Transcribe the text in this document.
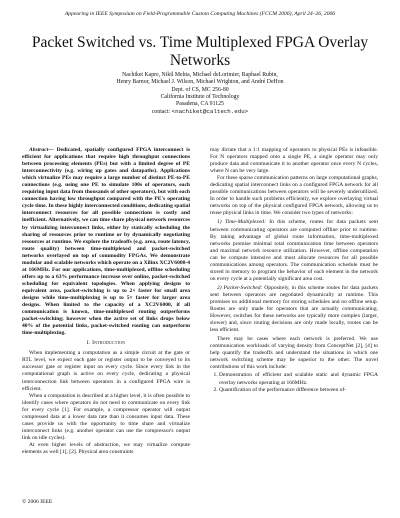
Appearing in IEEE Symposium on Field-Programmable Custom Computing Machines (FCCM 2006), April 24–26, 2006
Packet Switched vs. Time Multiplexed FPGA Overlay Networks
Nachiket Kapre, Nikil Mehta, Michael deLorimier, Raphael Rubin,
Henry Barnor, Michael J. Wilson, Michael Wrighton, and André DeHon
Dept. of CS, MC 256-80
California Institute of Technology
Pasadena, CA 91125
contact: <nachiket@caltech.edu>

Abstract— Dedicated, spatially configured FPGA interconnect is efficient for applications that require high throughput connections between processing elements (PEs) but with a limited degree of PE interconnectivity (e.g. wiring up gates and datapaths). Applications which virtualize PEs may require a large number of distinct PE-to-PE connections (e.g. using one PE to simulate 100s of operators, each requiring input data from thousands of other operators), but with each connection having low throughput compared with the PE's operating cycle time. In these highly interconnected conditions, dedicating spatial interconnect resources for all possible connections is costly and inefficient. Alternatively, we can time share physical network resources by virtualizing interconnect links, either by statically scheduling the sharing of resources prior to runtime or by dynamically negotiating resources at runtime. We explore the tradeoffs (e.g. area, route latency, route quality) between time-multiplexed and packet-switched networks overlayed on top of commodity FPGAs. We demonstrate modular and scalable networks which operate on a Xilinx XC2V6000-4 at 166MHz. For our applications, time-multiplexed, offline scheduling offers up to a 63% performance increase over online, packet-switched scheduling for equivalent topologies. When applying designs to equivalent area, packet-switching is up to 2× faster for small area designs while time-multiplexing is up to 5× faster for larger area designs. When limited to the capacity of a XC2V6000, if all communication is known, time-multiplexed routing outperforms packet-switching; however when the active set of links drops below 40% of the potential links, packet-switched routing can outperform time-multiplexing.

I. Introduction

When implementing a computation as a simple circuit at the gate or RTL level, we expect each gate or register output to be conveyed to its successor gate or register input on every cycle. Since every link in the computational graph is active on every cycle, dedicating a physical interconnection link between operators in a configured FPGA wire is efficient.

When a computation is described at a higher level, it is often possible to identify cases where operators do not need to communicate on every link for every cycle [1]. For example, a compressor operator will output compressed data at a lower data rate than it consumes input data. These cases provide us with the opportunity to time share and virtualize interconnect links (e.g. another operator can use the compressor's output link on idle cycles).

At even higher levels of abstraction, we may virtualize compute elements as well [1], [2]. Physical area constraints

may dictate that a 1:1 mapping of operators to physical PEs is infeasible. For N operators mapped onto a single PE, a single operator may only produce data and communicate it to another operator once every N cycles, where N can be very large.

For these sparse communication patterns on large computational graphs, dedicating spatial interconnect links on a configured FPGA network for all possible communications between operators will be severely underutilized. In order to handle such problems efficiently, we explore overlaying virtual networks on top of the physical configured FPGA network, allowing us to reuse physical links in time. We consider two types of networks:

1) Time-Multiplexed: In this scheme, routes for data packets sent between communicating operators are computed offline prior to runtime. By taking advantage of global route information, time-multiplexed networks promise minimal total communication time between operators and maximal network resource utilization. However, offline computation can be compute intensive and must allocate resources for all possible communications among operators. The communication schedule must be stored in memory to program the behavior of each element in the network on every cycle at a potentially significant area cost.

2) Packet-Switched: Oppositely, in this scheme routes for data packets sent between operators are negotiated dynamically at runtime. This promises no additional memory for storing schedules and no offline setup. Routes are only made for operators that are actually communicating. However, switches for these networks are typically more complex (larger, slower) and, since routing decisions are only made locally, routes can be less efficient.

There may be cases where each network is preferred. We use communication workloads of varying density from ConceptNet [2], [4] to help quantify the tradeoffs and understand the situations in which one network switching scheme may be superior to the other. The novel contributions of this work include:

1. Demonstration of efficient and scalable static and dynamic FPGA overlay networks operating at 166MHz.
2. Quantification of the performance difference between of-
© 2006 IEEE
